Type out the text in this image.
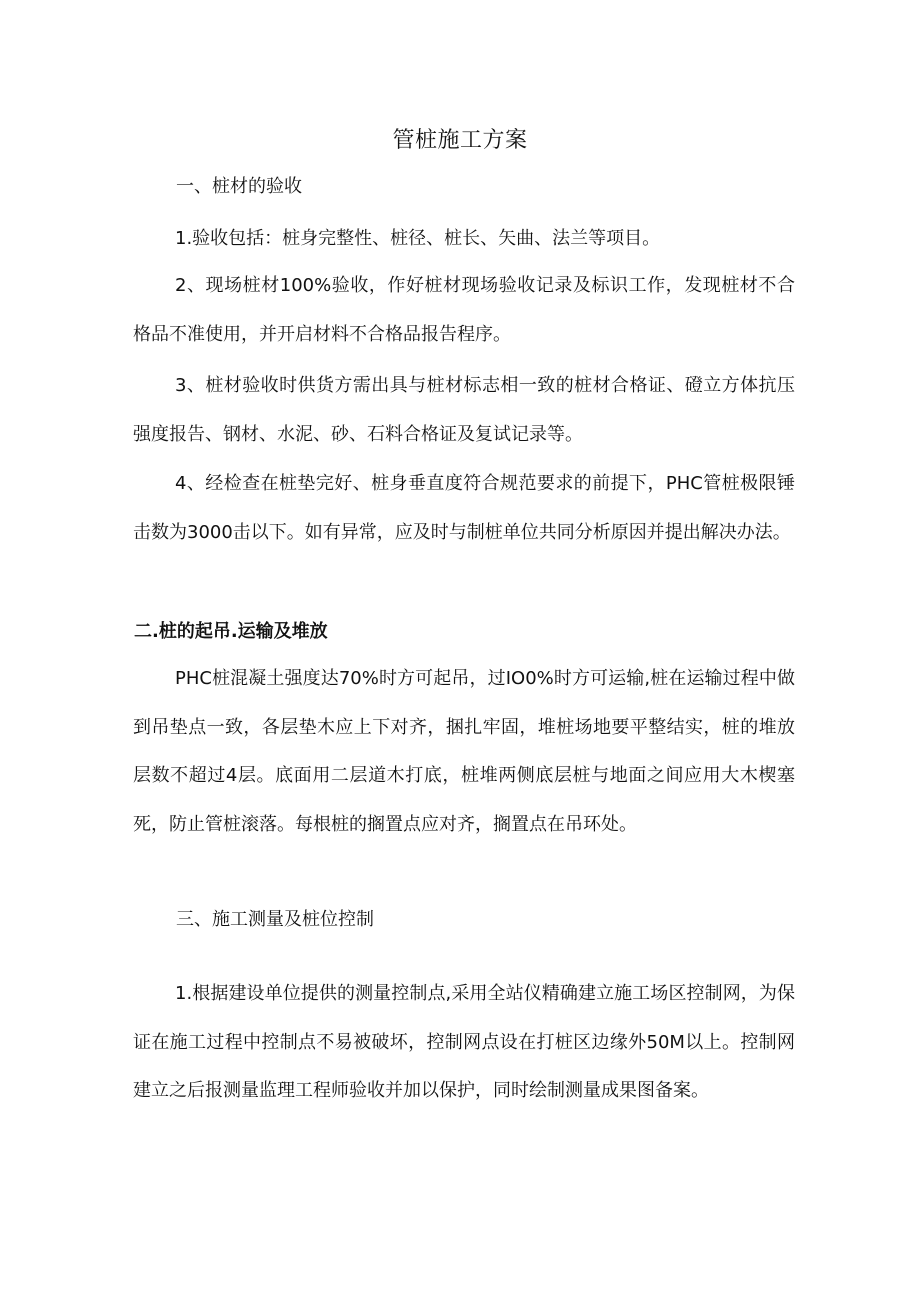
管桩施工方案
一、桩材的验收

1.验收包括：桩身完整性、桩径、桩长、矢曲、法兰等项目。

2、现场桩材100%验收，作好桩材现场验收记录及标识工作，发现桩材不合格品不准使用，并开启材料不合格品报告程序。

3、桩材验收时供货方需出具与桩材标志相一致的桩材合格证、磴立方体抗压强度报告、钢材、水泥、砂、石料合格证及复试记录等。

4、经检查在桩垫完好、桩身垂直度符合规范要求的前提下，PHC管桩极限锤击数为3000击以下。如有异常，应及时与制桩单位共同分析原因并提出解决办法。

二.桩的起吊.运输及堆放

PHC桩混凝土强度达70%时方可起吊，过IO0%时方可运输,桩在运输过程中做到吊垫点一致，各层垫木应上下对齐，捆扎牢固，堆桩场地要平整结实，桩的堆放层数不超过4层。底面用二层道木打底，桩堆两侧底层桩与地面之间应用大木楔塞死，防止管桩滚落。每根桩的搁置点应对齐，搁置点在吊环处。

三、施工测量及桩位控制

1.根据建设单位提供的测量控制点,采用全站仪精确建立施工场区控制网，为保证在施工过程中控制点不易被破坏，控制网点设在打桩区边缘外50M以上。控制网建立之后报测量监理工程师验收并加以保护，同时绘制测量成果图备案。
